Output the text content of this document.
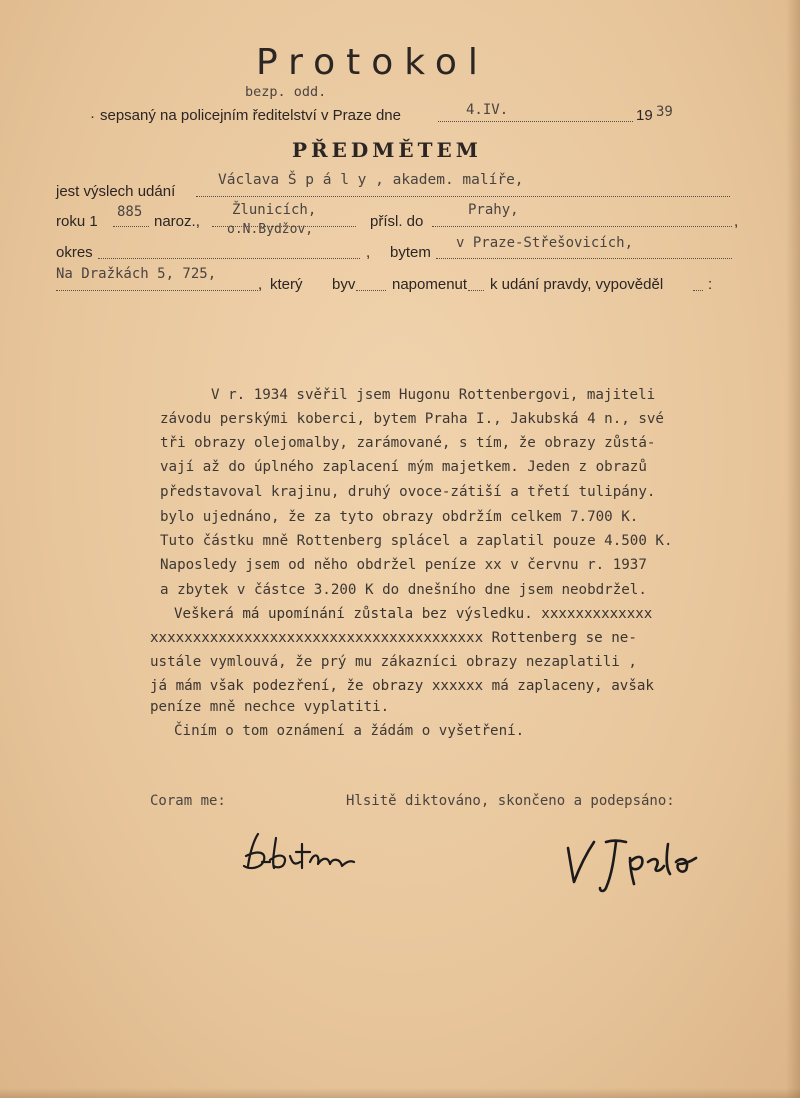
Protokol
bezp. odd.
· sepsaný na policejním ředitelství v Praze dne	4.IV.	19 39
PŘEDMĚTEM
jest výslech udání
Václava Š p á l y , akadem. malíře,
roku 1
885
naroz.,
Žlunicích,
o.N.Bydžov,	přísl. do
Prahy,
,
okres	, bytem
v Praze-Střešovicích,
Na Dražkách 5, 725,
, který byv napomenut k udání pravdy, vypověděl	:
V r. 1934 svěřil jsem Hugonu Rottenbergovi, majiteli
závodu perskými koberci, bytem Praha I., Jakubská 4 n., své
tři obrazy olejomalby, zarámované, s tím, že obrazy zůstá-
vají až do úplného zaplacení mým majetkem. Jeden z obrazů
představoval krajinu, druhý ovoce-zátiší a třetí tulipány.
bylo ujednáno, že za tyto obrazy obdržím celkem 7.700 K.
Tuto částku mně Rottenberg splácel a zaplatil pouze 4.500 K.
Naposledy jsem od něho obdržel peníze xx v červnu r. 1937
a zbytek v částce 3.200 K do dnešního dne jsem neobdržel.
Veškerá má upomínání zůstala bez výsledku. xxxxxxxxxxxxx
xxxxxxxxxxxxxxxxxxxxxxxxxxxxxxxxxxxxxxx Rottenberg se ne-
ustále vymlouvá, že prý mu zákazníci obrazy nezaplatili ,
já mám však podezření, že obrazy xxxxxx má zaplaceny, avšak
peníze mně nechce vyplatiti.
Činím o tom oznámení a žádám o vyšetření.
Coram me:	Hlsitě diktováno, skončeno a podepsáno:
